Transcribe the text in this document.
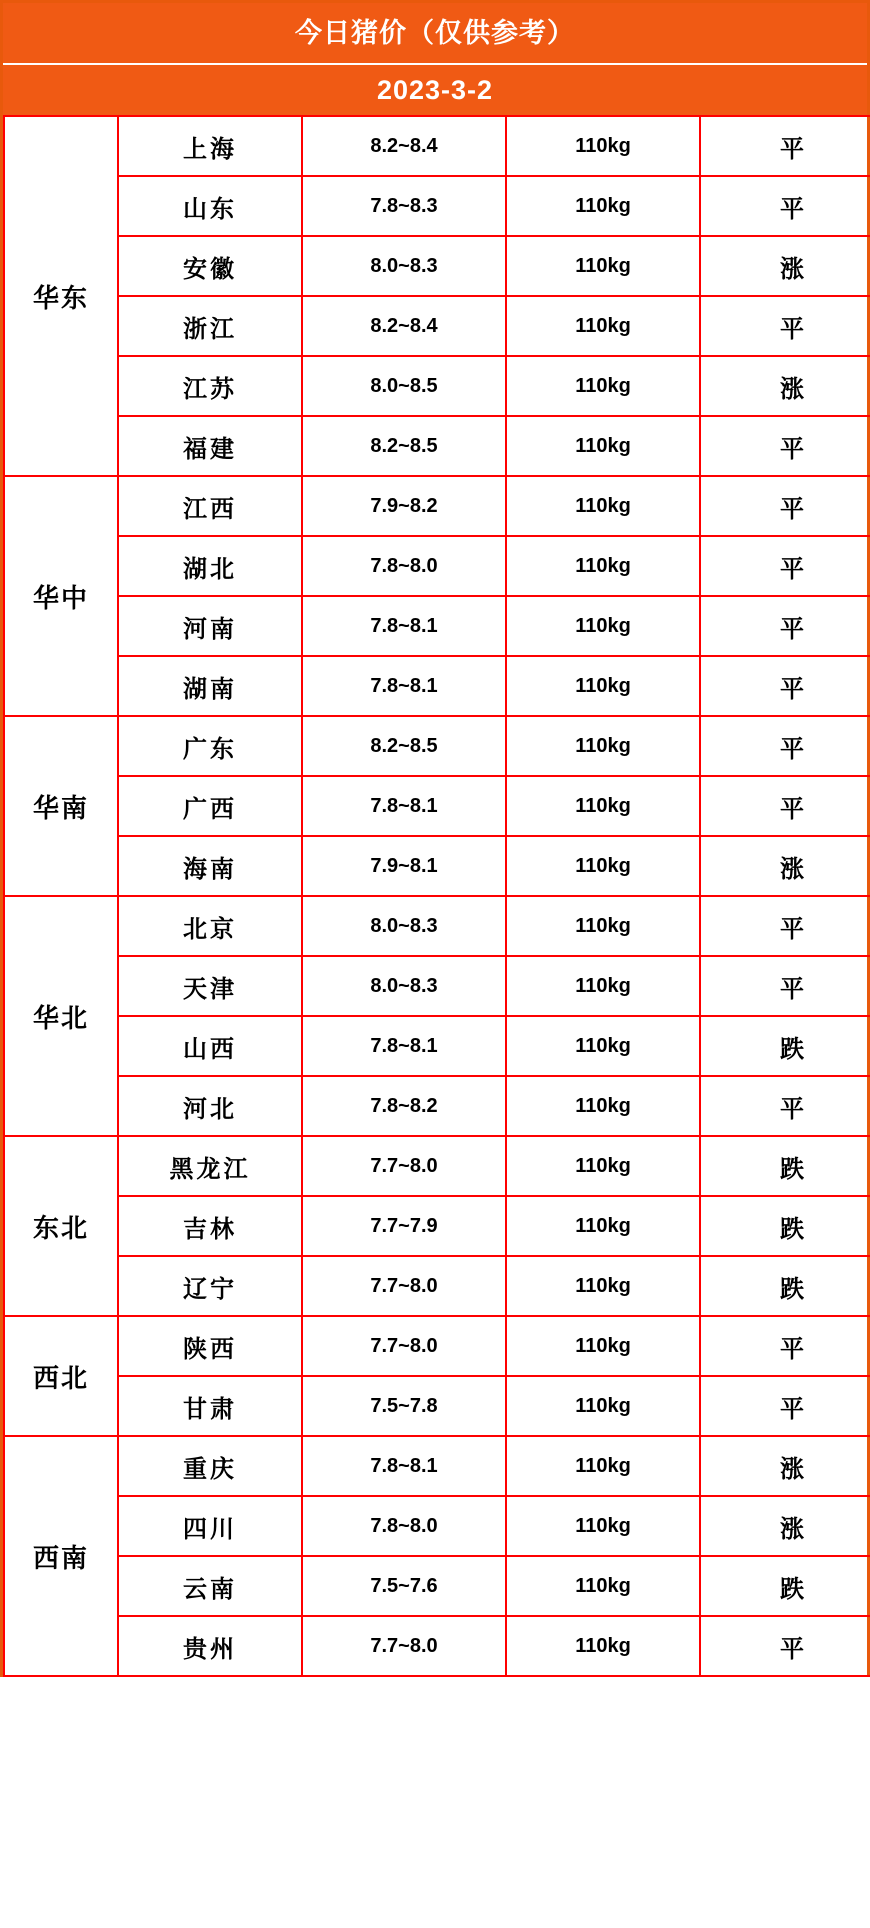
今日猪价（仅供参考）
2023-3-2
华东	上海	8.2~8.4	110kg	平
	山东	7.8~8.3	110kg	平
	安徽	8.0~8.3	110kg	涨
	浙江	8.2~8.4	110kg	平
	江苏	8.0~8.5	110kg	涨
	福建	8.2~8.5	110kg	平
华中	江西	7.9~8.2	110kg	平
	湖北	7.8~8.0	110kg	平
	河南	7.8~8.1	110kg	平
	湖南	7.8~8.1	110kg	平
华南	广东	8.2~8.5	110kg	平
	广西	7.8~8.1	110kg	平
	海南	7.9~8.1	110kg	涨
华北	北京	8.0~8.3	110kg	平
	天津	8.0~8.3	110kg	平
	山西	7.8~8.1	110kg	跌
	河北	7.8~8.2	110kg	平
东北	黑龙江	7.7~8.0	110kg	跌
	吉林	7.7~7.9	110kg	跌
	辽宁	7.7~8.0	110kg	跌
西北	陕西	7.7~8.0	110kg	平
	甘肃	7.5~7.8	110kg	平
西南	重庆	7.8~8.1	110kg	涨
	四川	7.8~8.0	110kg	涨
	云南	7.5~7.6	110kg	跌
	贵州	7.7~8.0	110kg	平
